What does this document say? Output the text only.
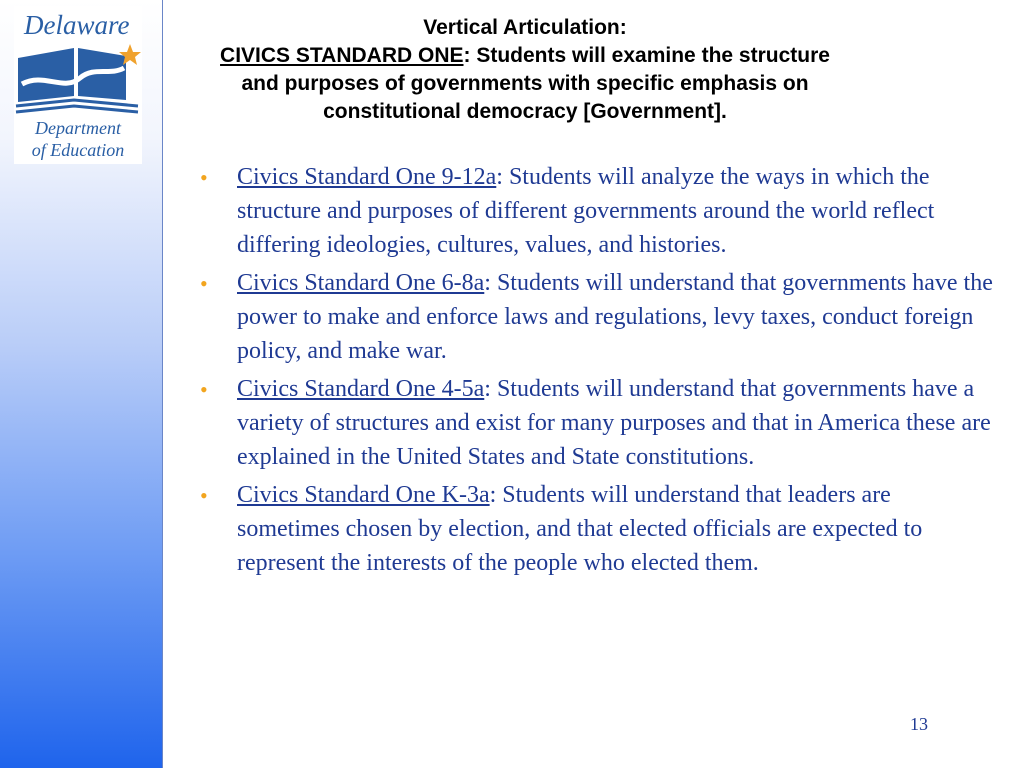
Delaware
Department
of Education
Vertical Articulation:
CIVICS STANDARD ONE: Students will examine the structure and purposes of governments with specific emphasis on constitutional democracy [Government].
• Civics Standard One 9-12a: Students will analyze the ways in which the structure and purposes of different governments around the world reflect differing ideologies, cultures, values, and histories.
• Civics Standard One 6-8a: Students will understand that governments have the power to make and enforce laws and regulations, levy taxes, conduct foreign policy, and make war.
• Civics Standard One 4-5a: Students will understand that governments have a variety of structures and exist for many purposes and that in America these are explained in the United States and State constitutions.
• Civics Standard One K-3a: Students will understand that leaders are sometimes chosen by election, and that elected officials are expected to represent the interests of the people who elected them.
13
